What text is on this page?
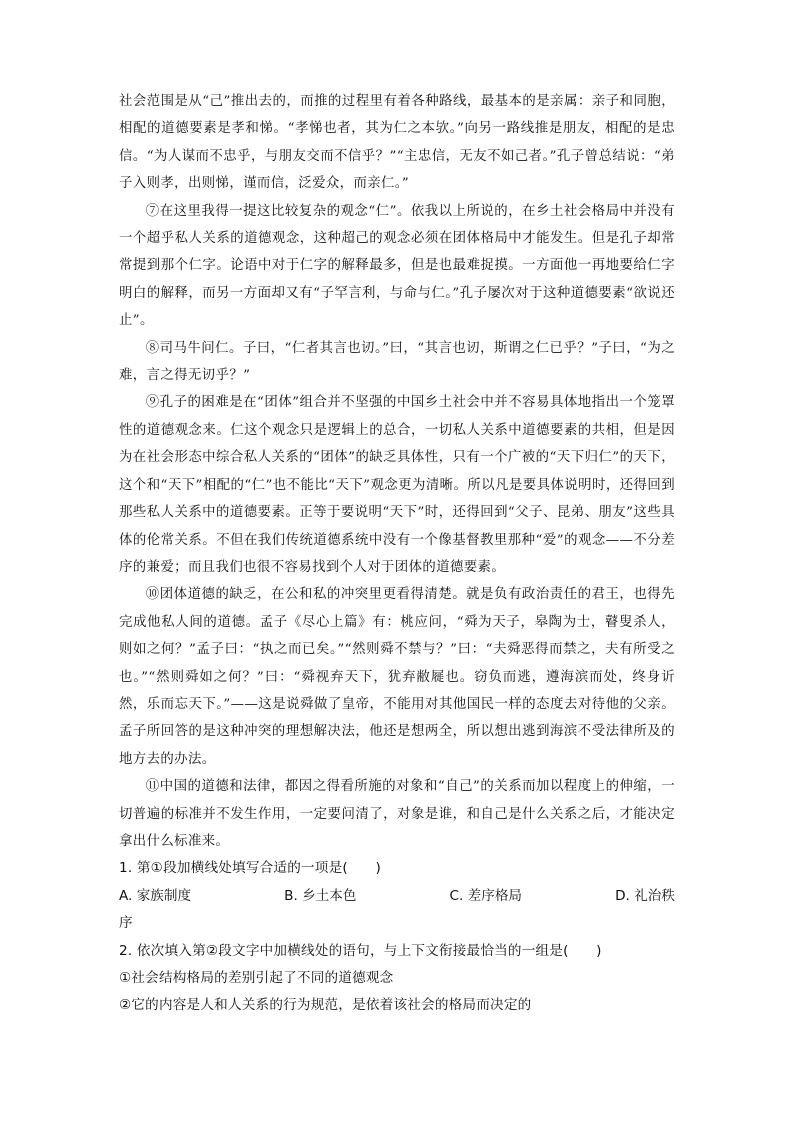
社会范围是从“己”推出去的，而推的过程里有着各种路线，最基本的是亲属：亲子和同胞，相配的道德要素是孝和悌。“孝悌也者，其为仁之本欤。”向另一路线推是朋友，相配的是忠信。“为人谋而不忠乎，与朋友交而不信乎？”“主忠信，无友不如己者。”孔子曾总结说：“弟子入则孝，出则悌，谨而信，泛爱众，而亲仁。”

⑦在这里我得一提这比较复杂的观念“仁”。依我以上所说的，在乡土社会格局中并没有一个超乎私人关系的道德观念，这种超己的观念必须在团体格局中才能发生。但是孔子却常常提到那个仁字。论语中对于仁字的解释最多，但是也最难捉摸。一方面他一再地要给仁字明白的解释，而另一方面却又有“子罕言利，与命与仁。”孔子屡次对于这种道德要素“欲说还止”。

⑧司马牛问仁。子曰，“仁者其言也讱。”曰，“其言也讱，斯谓之仁已乎？”子曰，“为之难，言之得无讱乎？”

⑨孔子的困难是在“团体”组合并不坚强的中国乡土社会中并不容易具体地指出一个笼罩性的道德观念来。仁这个观念只是逻辑上的总合，一切私人关系中道德要素的共相，但是因为在社会形态中综合私人关系的“团体”的缺乏具体性，只有一个广被的“天下归仁”的天下，这个和“天下”相配的“仁”也不能比“天下”观念更为清晰。所以凡是要具体说明时，还得回到那些私人关系中的道德要素。正等于要说明“天下”时，还得回到“父子、昆弟、朋友”这些具体的伦常关系。不但在我们传统道德系统中没有一个像基督教里那种“爱”的观念——不分差序的兼爱；而且我们也很不容易找到个人对于团体的道德要素。

⑩团体道德的缺乏，在公和私的冲突里更看得清楚。就是负有政治责任的君王，也得先完成他私人间的道德。孟子《尽心上篇》有：桃应问，“舜为天子，皋陶为士，瞽叟杀人，则如之何？”孟子曰：“执之而已矣。”“然则舜不禁与？”曰：“夫舜恶得而禁之，夫有所受之也。”“然则舜如之何？”曰：“舜视弃天下，犹弃敝屣也。窃负而逃，遵海滨而处，终身䜣然，乐而忘天下。”——这是说舜做了皇帝，不能用对其他国民一样的态度去对待他的父亲。孟子所回答的是这种冲突的理想解决法，他还是想两全，所以想出逃到海滨不受法律所及的地方去的办法。

⑪中国的道德和法律，都因之得看所施的对象和“自己”的关系而加以程度上的伸缩，一切普遍的标准并不发生作用，一定要问清了，对象是谁，和自己是什么关系之后，才能决定拿出什么标准来。

1. 第①段加横线处填写合适的一项是(　　)

A. 家族制度	B. 乡土本色	C. 差序格局	D. 礼治秩

序

2. 依次填入第②段文字中加横线处的语句，与上下文衔接最恰当的一组是(　　)

①社会结构格局的差别引起了不同的道德观念

②它的内容是人和人关系的行为规范，是依着该社会的格局而决定的
